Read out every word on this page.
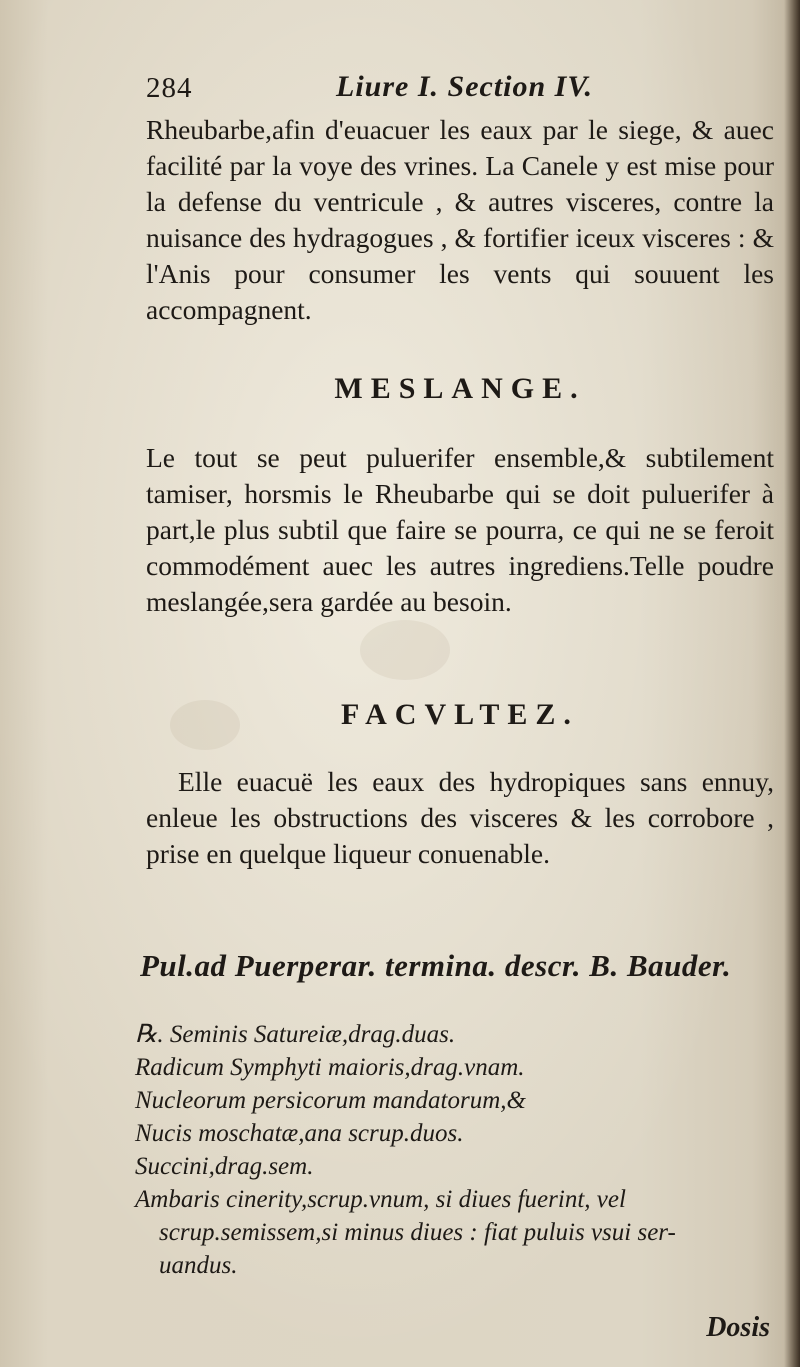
284	Liure I. Section IV.

Rheubarbe,afin d'euacuer les eaux par le siege, & auec facilité par la voye des vrines. La Canele y est mise pour la defense du ventricule , & autres visceres, contre la nuisance des hydragogues , & fortifier iceux visceres : & l'Anis pour consumer les vents qui souuent les accompagnent.

MESLANGE.

Le tout se peut puluerifer ensemble,& subtilement tamiser, horsmis le Rheubarbe qui se doit puluerifer à part,le plus subtil que faire se pourra, ce qui ne se feroit commodément auec les autres ingrediens.Telle poudre meslangée,sera gardée au besoin.

FACVLTEZ.

Elle euacuë les eaux des hydropiques sans ennuy, enleue les obstructions des visceres & les corrobore , prise en quelque liqueur conuenable.

Pul.ad Puerperar. termina. descr. B. Bauder.
℞. Seminis Satureiæ,drag.duas.
Radicum Symphyti maioris,drag.vnam.
Nucleorum persicorum mandatorum,&
Nucis moschatæ,ana scrup.duos.
Succini,drag.sem.
Ambaris cinerity,scrup.vnum, si diues fuerint, vel
scrup.semissem,si minus diues : fiat puluis vsui ser-
uandus.
Dosis
